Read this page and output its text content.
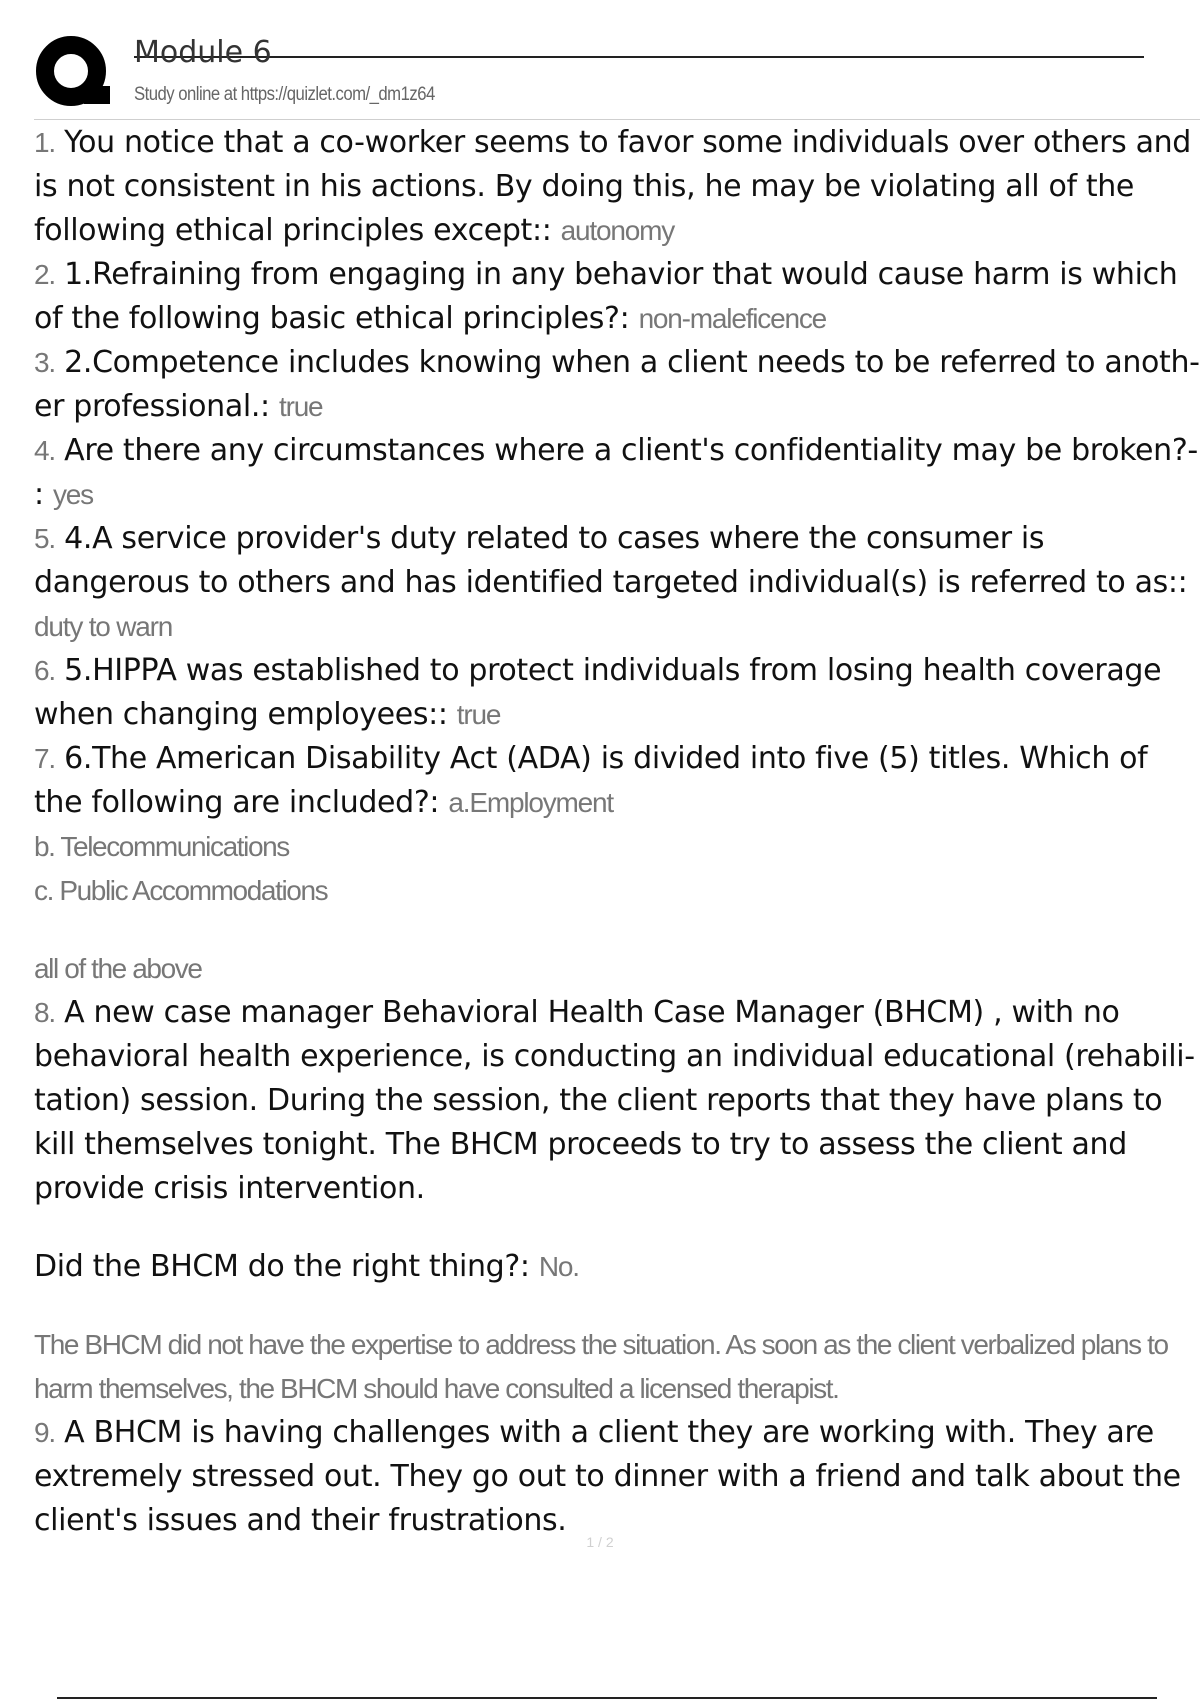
Module 6
Study online at https://quizlet.com/_dm1z64

1. You notice that a co-worker seems to favor some individuals over others and is not consistent in his actions. By doing this, he may be violating all of the following ethical principles except:: autonomy

2. 1.Refraining from engaging in any behavior that would cause harm is which of the following basic ethical principles?: non-maleficence

3. 2.Competence includes knowing when a client needs to be referred to anoth- er professional.: true

4. Are there any circumstances where a client's confidentiality may be broken?- : yes

5. 4.A service provider's duty related to cases where the consumer is dangerous to others and has identified targeted individual(s) is referred to as:: duty to warn

6. 5.HIPPA was established to protect individuals from losing health coverage when changing employees:: true

7. 6.The American Disability Act (ADA) is divided into five (5) titles. Which of the following are included?: a.Employment

b. Telecommunications

c. Public Accommodations

all of the above

8. A new case manager Behavioral Health Case Manager (BHCM) , with no behavioral health experience, is conducting an individual educational (rehabili- tation) session. During the session, the client reports that they have plans to kill themselves tonight. The BHCM proceeds to try to assess the client and provide crisis intervention.

Did the BHCM do the right thing?: No.

The BHCM did not have the expertise to address the situation. As soon as the client verbalized plans to harm themselves, the BHCM should have consulted a licensed therapist.

9. A BHCM is having challenges with a client they are working with. They are extremely stressed out. They go out to dinner with a friend and talk about the client's issues and their frustrations.

1 / 2
